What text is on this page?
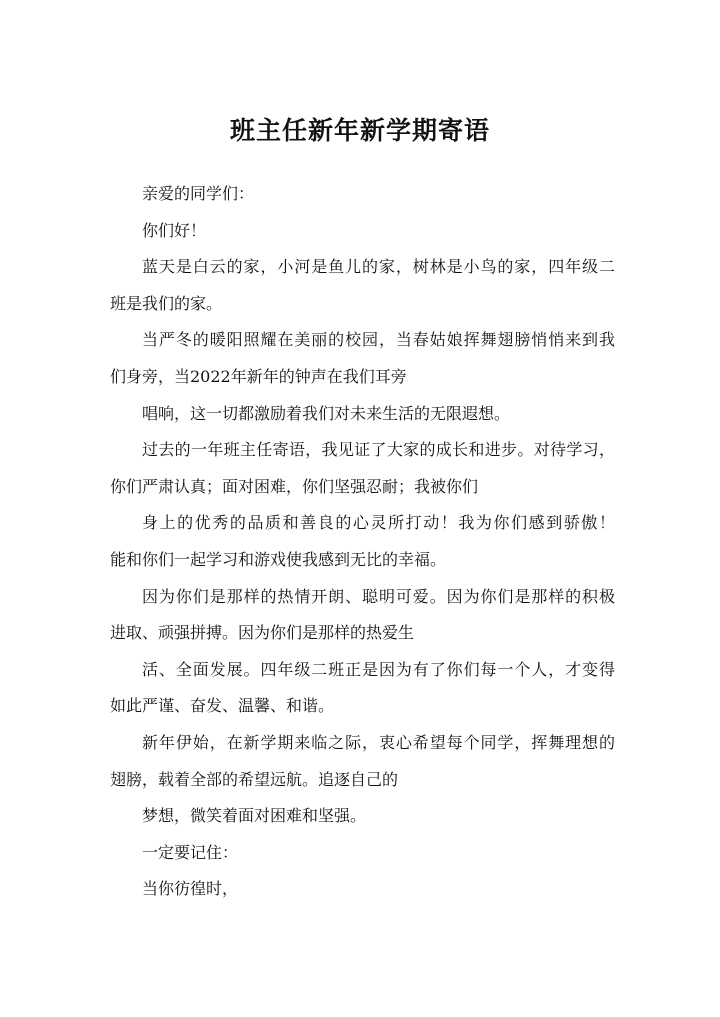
班主任新年新学期寄语
亲爱的同学们：
你们好！
蓝天是白云的家，小河是鱼儿的家，树林是小鸟的家，四年级二
班是我们的家。
当严冬的暖阳照耀在美丽的校园，当春姑娘挥舞翅膀悄悄来到我
们身旁，当2022年新年的钟声在我们耳旁
唱响，这一切都激励着我们对未来生活的无限遐想。
过去的一年班主任寄语，我见证了大家的成长和进步。对待学习，
你们严肃认真；面对困难，你们坚强忍耐；我被你们
身上的优秀的品质和善良的心灵所打动！我为你们感到骄傲！
能和你们一起学习和游戏使我感到无比的幸福。
因为你们是那样的热情开朗、聪明可爱。因为你们是那样的积极
进取、顽强拼搏。因为你们是那样的热爱生
活、全面发展。四年级二班正是因为有了你们每一个人，才变得
如此严谨、奋发、温馨、和谐。
新年伊始，在新学期来临之际，衷心希望每个同学，挥舞理想的
翅膀，载着全部的希望远航。追逐自己的
梦想，微笑着面对困难和坚强。
一定要记住：
当你彷徨时，
